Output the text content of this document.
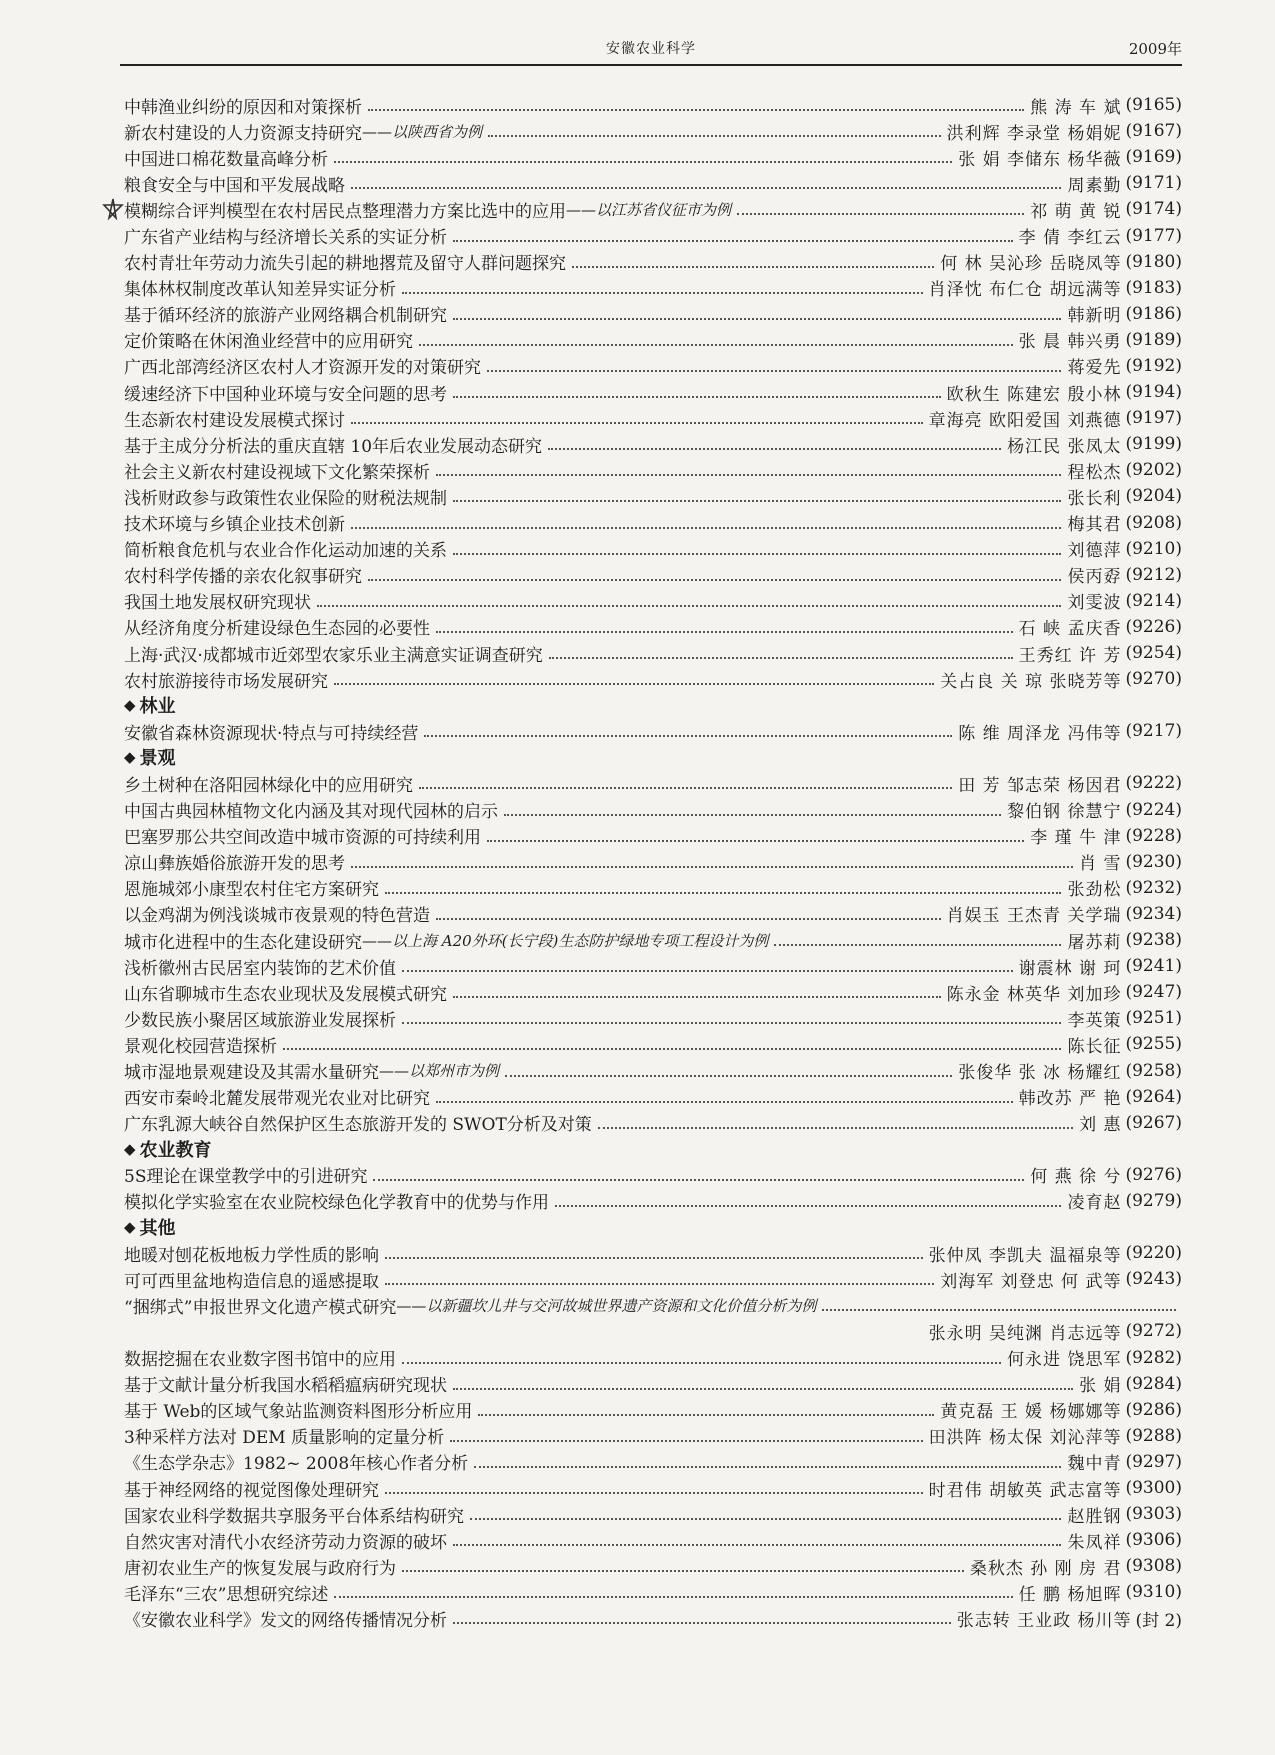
安徽农业科学	2009年
中韩渔业纠纷的原因和对策探析	熊 涛 车 斌 (9165)
新农村建设的人力资源支持研究 ——以陕西省为例	洪利辉 李录堂 杨娟妮 (9167)
中国进口棉花数量高峰分析	张 娟 李储东 杨华薇 (9169)
粮食安全与中国和平发展战略	周素勤 (9171)
模糊综合评判模型在农村居民点整理潜力方案比选中的应用 ——以江苏省仪征市为例	祁 萌 黄 锐 (9174)
广东省产业结构与经济增长关系的实证分析	李 倩 李红云 (9177)
农村青壮年劳动力流失引起的耕地撂荒及留守人群问题探究	何 林 吴沁珍 岳晓凤等 (9180)
集体林权制度改革认知差异实证分析	肖泽忱 布仁仓 胡远满等 (9183)
基于循环经济的旅游产业网络耦合机制研究	韩新明 (9186)
定价策略在休闲渔业经营中的应用研究	张 晨 韩兴勇 (9189)
广西北部湾经济区农村人才资源开发的对策研究	蒋爱先 (9192)
缓速经济下中国种业环境与安全问题的思考	欧秋生 陈建宏 殷小林 (9194)
生态新农村建设发展模式探讨	章海亮 欧阳爱国 刘燕德 (9197)
基于主成分分析法的重庆直辖 10年后农业发展动态研究	杨江民 张凤太 (9199)
社会主义新农村建设视域下文化繁荣探析	程松杰 (9202)
浅析财政参与政策性农业保险的财税法规制	张长利 (9204)
技术环境与乡镇企业技术创新	梅其君 (9208)
简析粮食危机与农业合作化运动加速的关系	刘德萍 (9210)
农村科学传播的亲农化叙事研究	侯丙孬 (9212)
我国土地发展权研究现状	刘雯波 (9214)
从经济角度分析建设绿色生态园的必要性	石 峡 孟庆香 (9226)
上海·武汉·成都城市近郊型农家乐业主满意实证调查研究	王秀红 许 芳 (9254)
农村旅游接待市场发展研究	关占良 关 琼 张晓芳等 (9270)
◆ 林业
安徽省森林资源现状·特点与可持续经营	陈 维 周泽龙 冯伟等 (9217)
◆ 景观
乡土树种在洛阳园林绿化中的应用研究	田 芳 邹志荣 杨因君 (9222)
中国古典园林植物文化内涵及其对现代园林的启示	黎伯钢 徐慧宁 (9224)
巴塞罗那公共空间改造中城市资源的可持续利用	李 瑾 牛 津 (9228)
凉山彝族婚俗旅游开发的思考	肖 雪 (9230)
恩施城郊小康型农村住宅方案研究	张劲松 (9232)
以金鸡湖为例浅谈城市夜景观的特色营造	肖娱玉 王杰青 关学瑞 (9234)
城市化进程中的生态化建设研究 ——以上海 A20外环(长宁段)生态防护绿地专项工程设计为例	屠苏莉 (9238)
浅析徽州古民居室内装饰的艺术价值	谢震林 谢 珂 (9241)
山东省聊城市生态农业现状及发展模式研究	陈永金 林英华 刘加珍 (9247)
少数民族小聚居区域旅游业发展探析	李英策 (9251)
景观化校园营造探析	陈长征 (9255)
城市湿地景观建设及其需水量研究 ——以郑州市为例	张俊华 张 冰 杨耀红 (9258)
西安市秦岭北麓发展带观光农业对比研究	韩改苏 严 艳 (9264)
广东乳源大峡谷自然保护区生态旅游开发的 SWOT分析及对策	刘 惠 (9267)
◆ 农业教育
5S理论在课堂教学中的引进研究	何 燕 徐 兮 (9276)
模拟化学实验室在农业院校绿色化学教育中的优势与作用	凌育赵 (9279)
◆ 其他
地暖对刨花板地板力学性质的影响	张仲凤 李凯夫 温福泉等 (9220)
可可西里盆地构造信息的遥感提取	刘海军 刘登忠 何 武等 (9243)
“捆绑式”申报世界文化遗产模式研究 ——以新疆坎儿井与交河故城世界遗产资源和文化价值分析为例
张永明 吴纯渊 肖志远等 (9272)
数据挖掘在农业数字图书馆中的应用	何永进 饶思军 (9282)
基于文献计量分析我国水稻稻瘟病研究现状	张 娟 (9284)
基于 Web的区域气象站监测资料图形分析应用	黄克磊 王 媛 杨娜娜等 (9286)
3种采样方法对 DEM 质量影响的定量分析	田洪阵 杨太保 刘沁萍等 (9288)
《生态学杂志》1982~ 2008年核心作者分析	魏中青 (9297)
基于神经网络的视觉图像处理研究	时君伟 胡敏英 武志富等 (9300)
国家农业科学数据共享服务平台体系结构研究	赵胜钢 (9303)
自然灾害对清代小农经济劳动力资源的破坏	朱凤祥 (9306)
唐初农业生产的恢复发展与政府行为	桑秋杰 孙 刚 房 君 (9308)
毛泽东“三农”思想研究综述	任 鹏 杨旭晖 (9310)
《安徽农业科学》发文的网络传播情况分析	张志转 王业政 杨川等 (封 2)
